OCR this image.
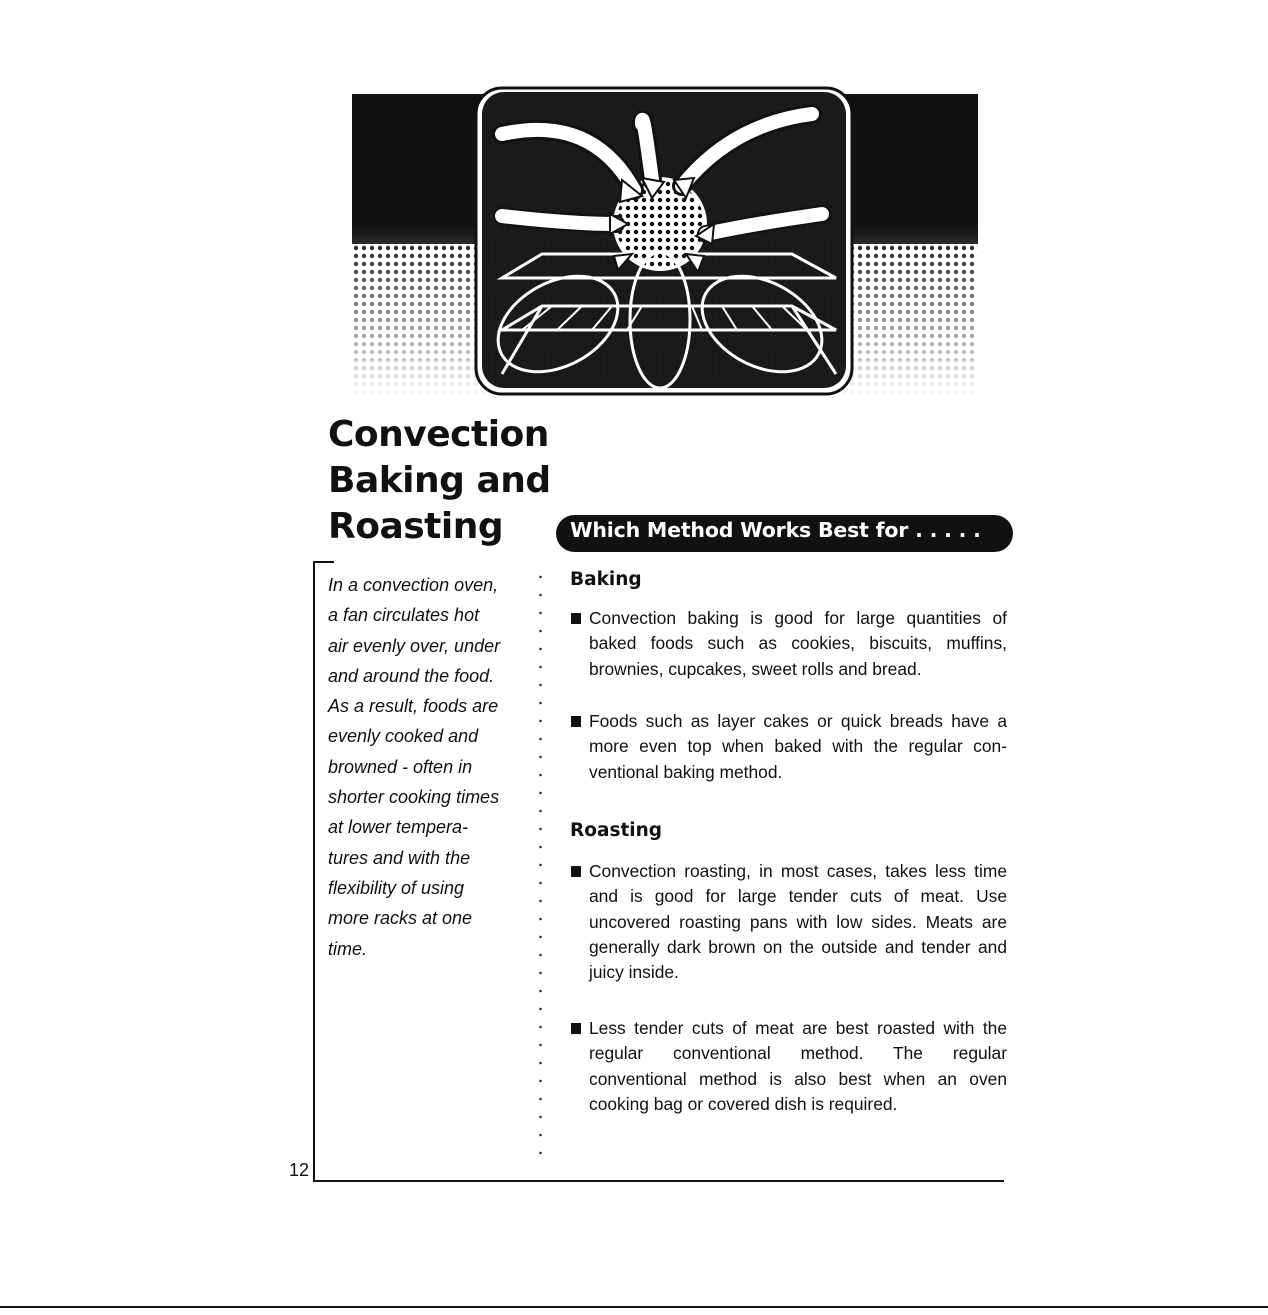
Convection
Baking and
Roasting
12
In a convection oven,
a fan circulates hot
air evenly over, under
and around the food.
As a result, foods are
evenly cooked and
browned - often in
shorter cooking times
at lower tempera-
tures and with the
flexibility of using
more racks at one
time.
Which Method Works Best for . . . . .
Baking
Convection baking is good for large quantities of baked foods such as cookies, biscuits, muffins, brownies, cupcakes, sweet rolls and bread.
Foods such as layer cakes or quick breads have a more even top when baked with the regular con-ventional baking method.
Roasting
Convection roasting, in most cases, takes less time and is good for large tender cuts of meat. Use uncovered roasting pans with low sides. Meats are generally dark brown on the outside and tender and juicy inside.
Less tender cuts of meat are best roasted with the regular conventional method. The regular conventional method is also best when an oven cooking bag or covered dish is required.
